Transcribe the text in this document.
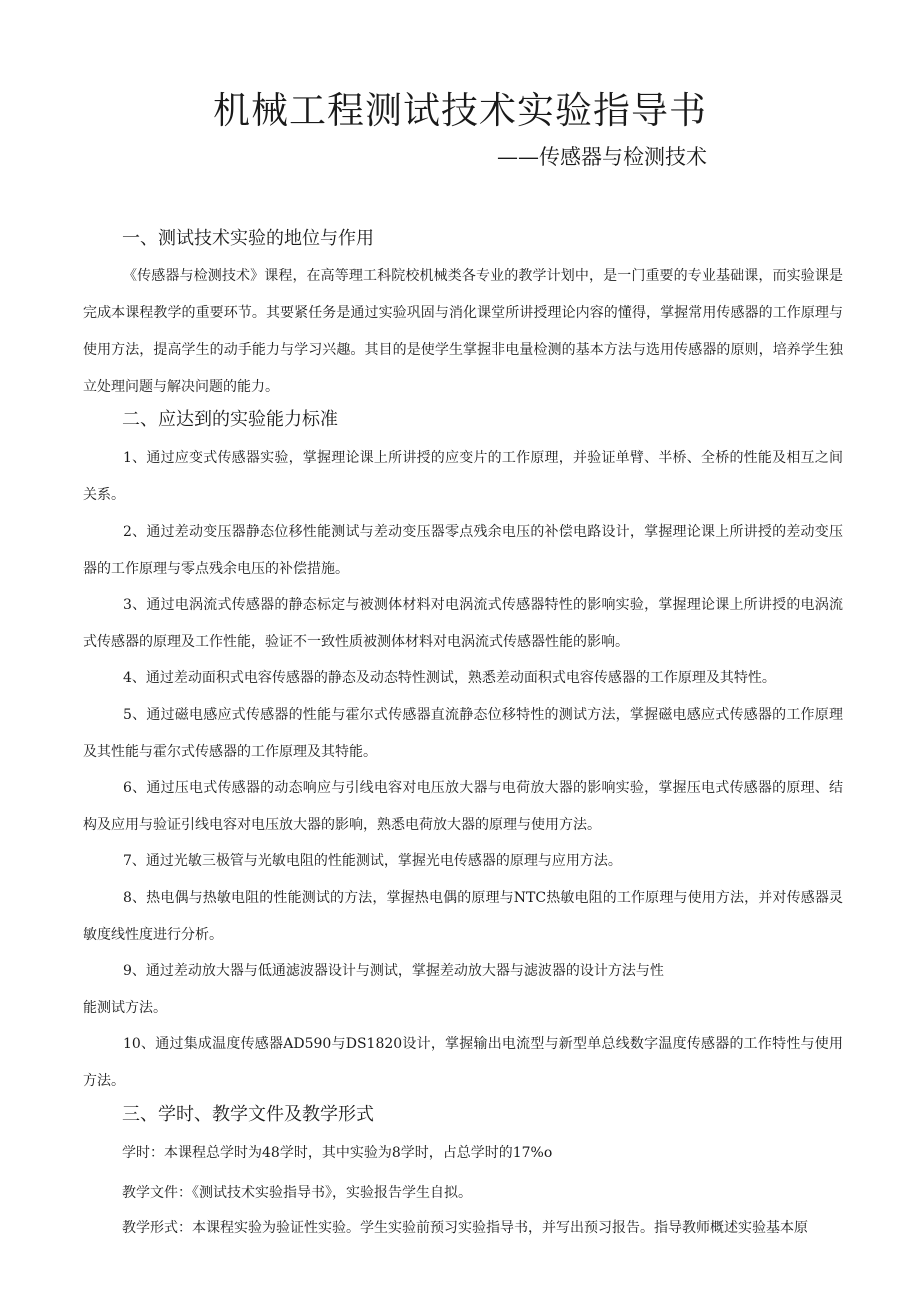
机械工程测试技术实验指导书
——传感器与检测技术
一、测试技术实验的地位与作用
《传感器与检测技术》课程，在高等理工科院校机械类各专业的教学计划中，是一门重要的专业基础课，而实验课是完成本课程教学的重要环节。其要紧任务是通过实验巩固与消化课堂所讲授理论内容的懂得，掌握常用传感器的工作原理与使用方法，提高学生的动手能力与学习兴趣。其目的是使学生掌握非电量检测的基本方法与选用传感器的原则，培养学生独立处理问题与解决问题的能力。
二、应达到的实验能力标准
1、通过应变式传感器实验，掌握理论课上所讲授的应变片的工作原理，并验证单臂、半桥、全桥的性能及相互之间关系。
2、通过差动变压器静态位移性能测试与差动变压器零点残余电压的补偿电路设计，掌握理论课上所讲授的差动变压器的工作原理与零点残余电压的补偿措施。
3、通过电涡流式传感器的静态标定与被测体材料对电涡流式传感器特性的影响实验，掌握理论课上所讲授的电涡流式传感器的原理及工作性能，验证不一致性质被测体材料对电涡流式传感器性能的影响。
4、通过差动面积式电容传感器的静态及动态特性测试，熟悉差动面积式电容传感器的工作原理及其特性。
5、通过磁电感应式传感器的性能与霍尔式传感器直流静态位移特性的测试方法，掌握磁电感应式传感器的工作原理及其性能与霍尔式传感器的工作原理及其特能。
6、通过压电式传感器的动态响应与引线电容对电压放大器与电荷放大器的影响实验，掌握压电式传感器的原理、结构及应用与验证引线电容对电压放大器的影响，熟悉电荷放大器的原理与使用方法。
7、通过光敏三极管与光敏电阻的性能测试，掌握光电传感器的原理与应用方法。
8、热电偶与热敏电阻的性能测试的方法，掌握热电偶的原理与NTC热敏电阻的工作原理与使用方法，并对传感器灵敏度线性度进行分析。
9、通过差动放大器与低通滤波器设计与测试，掌握差动放大器与滤波器的设计方法与性
能测试方法。
10、通过集成温度传感器AD590与DS1820设计，掌握输出电流型与新型单总线数字温度传感器的工作特性与使用方法。
三、学时、教学文件及教学形式
学时：本课程总学时为48学时，其中实验为8学时，占总学时的17%o
教学文件：《测试技术实验指导书》，实验报告学生自拟。
教学形式：本课程实验为验证性实验。学生实验前预习实验指导书，并写出预习报告。指导教师概述实验基本原
